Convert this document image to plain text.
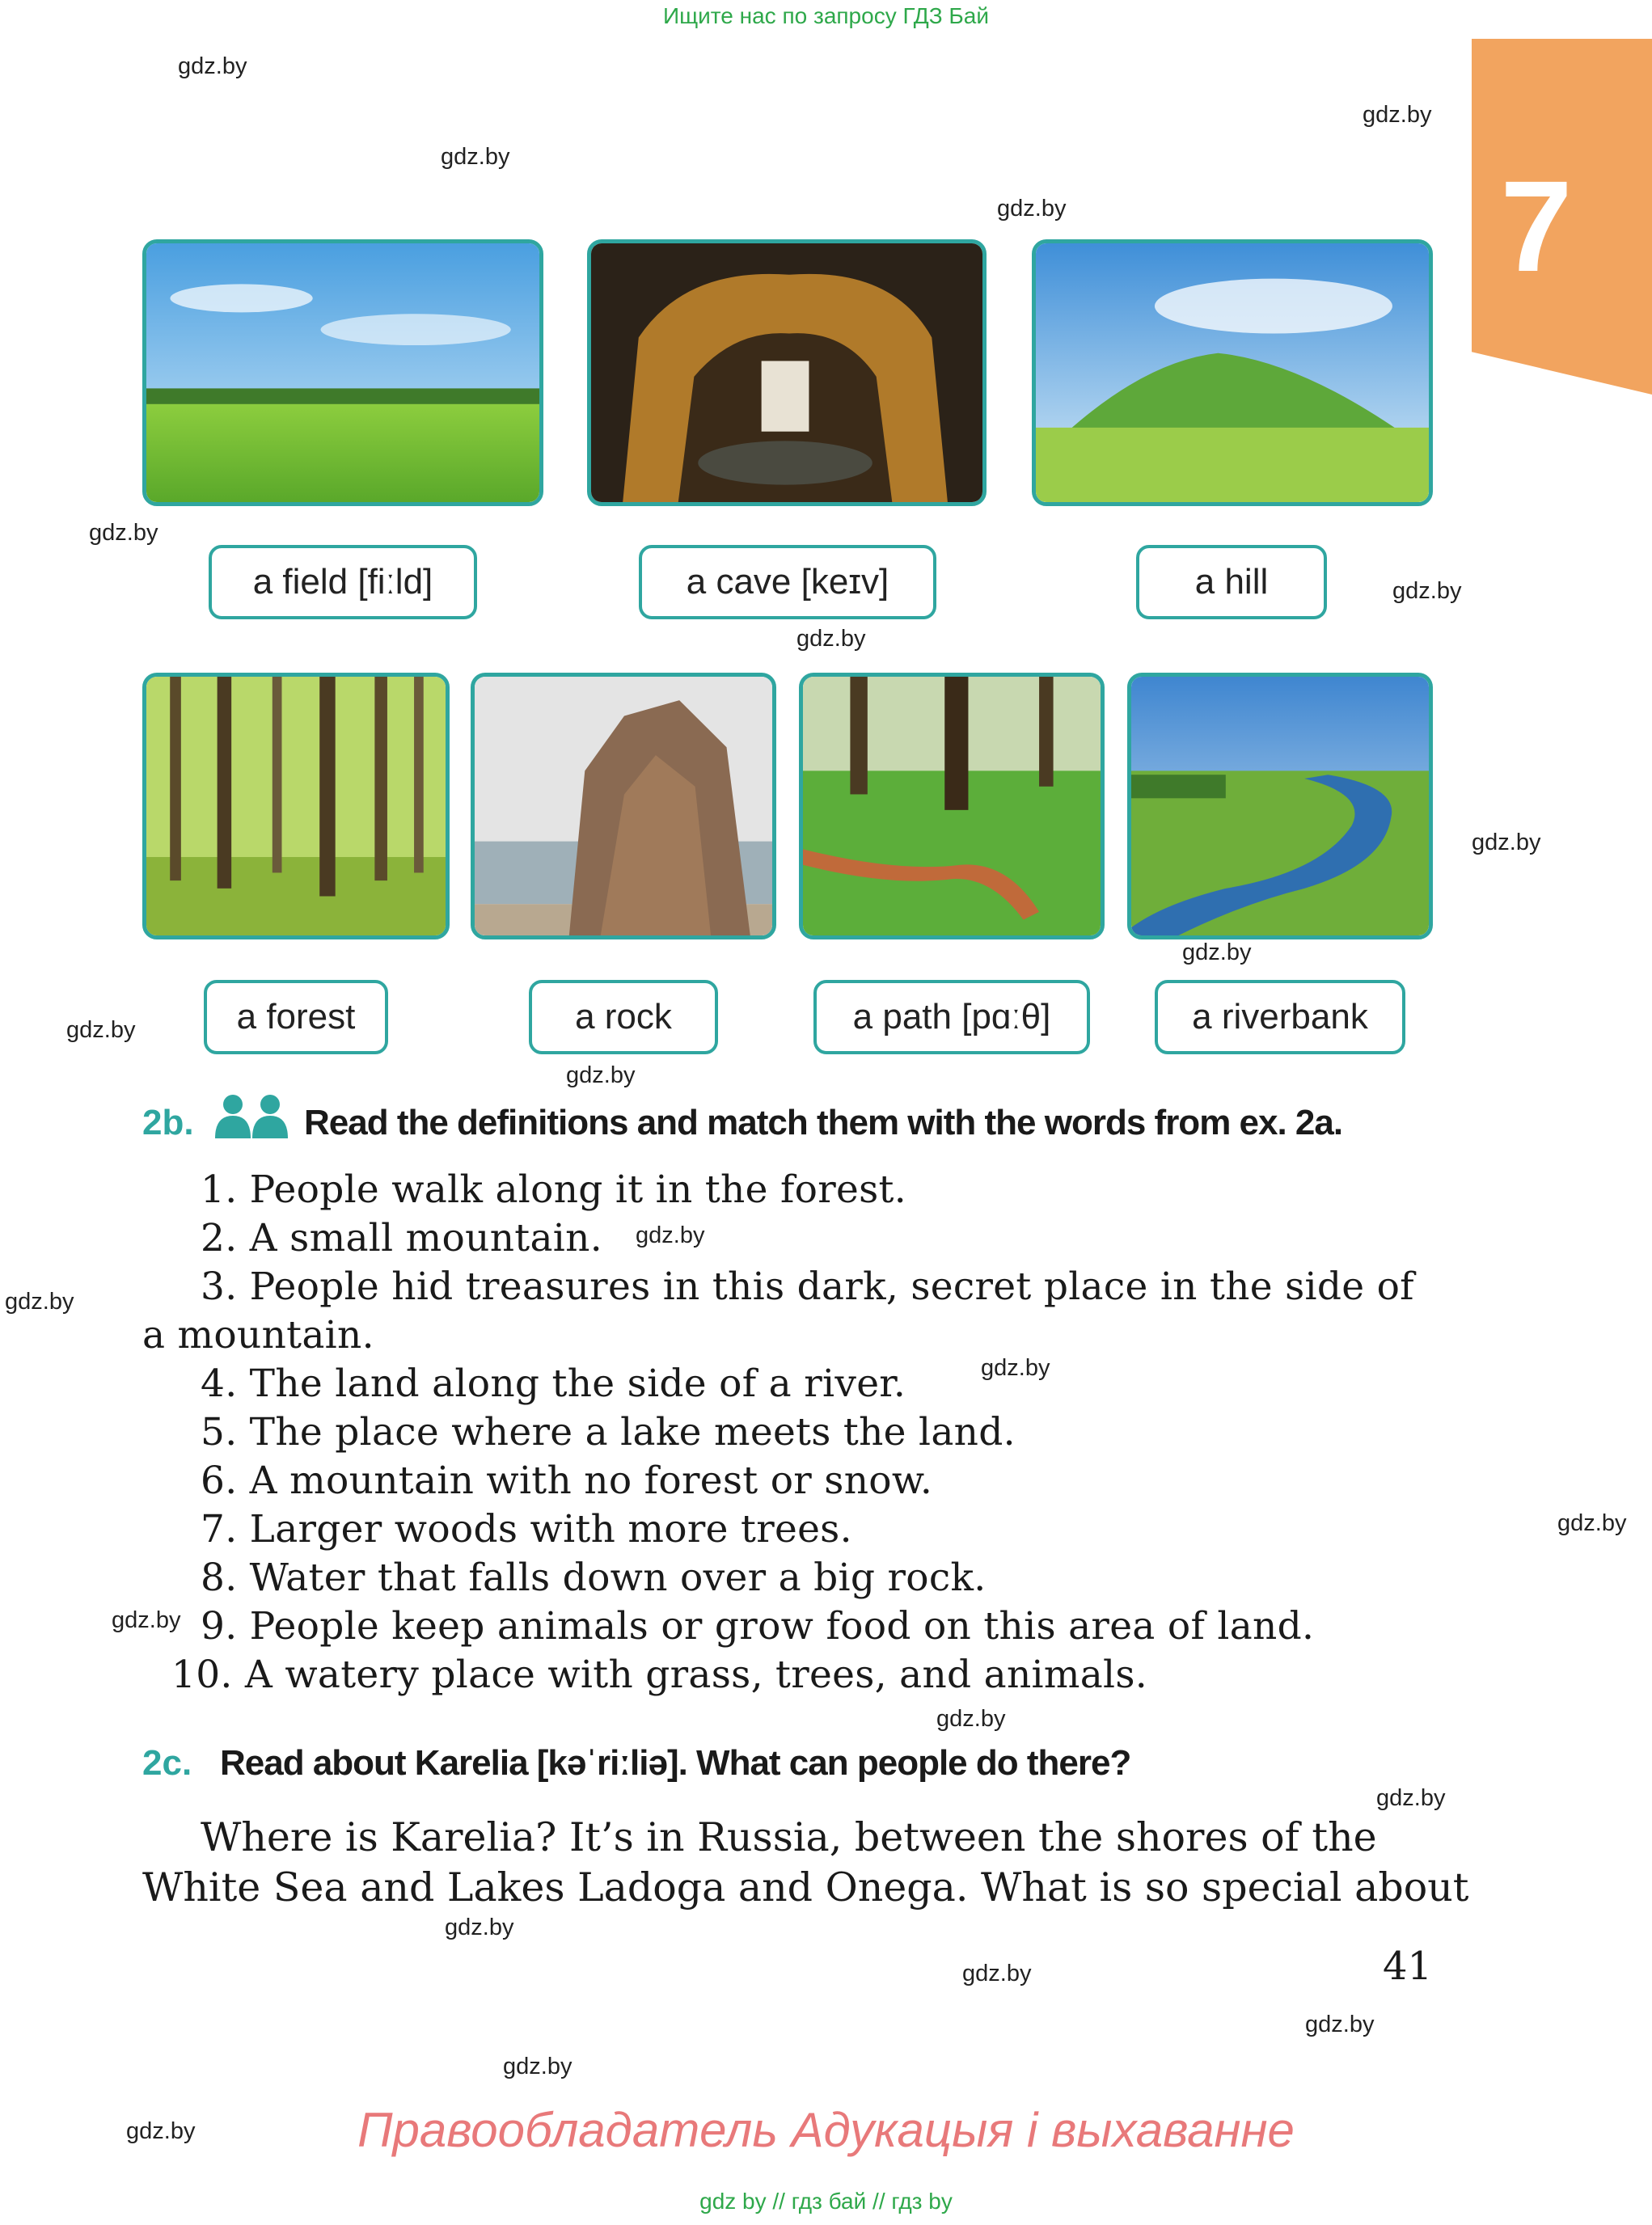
Ищите нас по запросу ГДЗ Бай
7
gdz.by
gdz.by
gdz.by
gdz.by
gdz.by
gdz.by
gdz.by
gdz.by
gdz.by
gdz.by
gdz.by
gdz.by
gdz.by
gdz.by
gdz.by
gdz.by
gdz.by
gdz.by
gdz.by
gdz.by
gdz.by
gdz.by
gdz.by
a field [fiːld]	a cave [keɪv]	a hill
a forest	a rock	a path [pɑːθ]	a riverbank
2b.	Read the definitions and match them with the words from ex. 2a.
1. People walk along it in the forest.
2. A small mountain.
3. People hid treasures in this dark, secret place in the side of
a mountain.
4. The land along the side of a river.
5. The place where a lake meets the land.
6. A mountain with no forest or snow.
7. Larger woods with more trees.
8. Water that falls down over a big rock.
9. People keep animals or grow food on this area of land.
10. A watery place with grass, trees, and animals.
2c. Read about Karelia [kəˈriːliə]. What can people do there?
Where is Karelia? It’s in Russia, between the shores of the
White Sea and Lakes Ladoga and Onega. What is so special about
41
Правообладатель Адукацыя і выхаванне
gdz by // гдз бай // гдз by
